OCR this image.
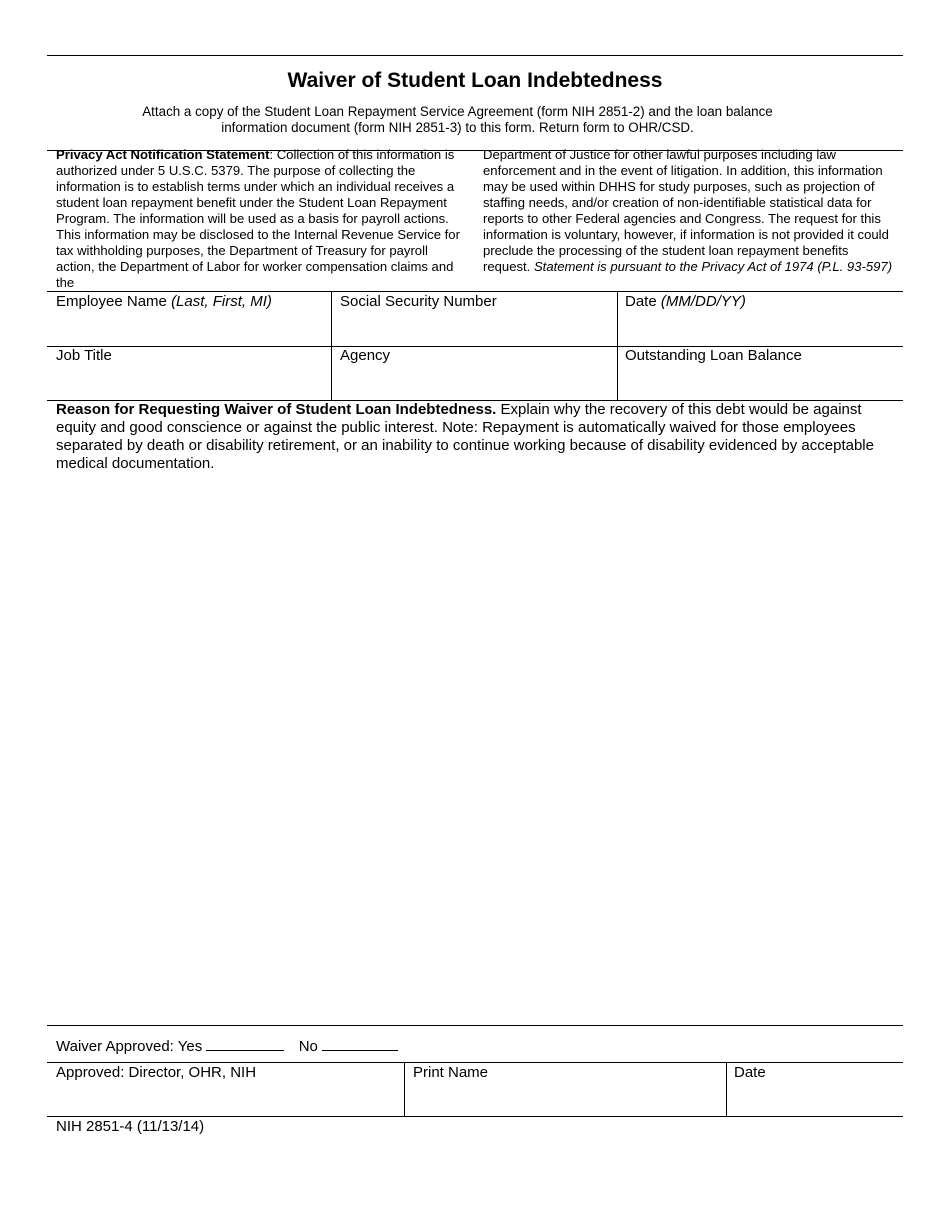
Waiver of Student Loan Indebtedness
Attach a copy of the Student Loan Repayment Service Agreement (form NIH 2851-2) and the loan balance
information document (form NIH 2851-3) to this form. Return form to OHR/CSD.
Privacy Act Notification Statement: Collection of this information is authorized under 5 U.S.C. 5379. The purpose of collecting the information is to establish terms under which an individual receives a student loan repayment benefit under the Student Loan Repayment Program. The information will be used as a basis for payroll actions. This information may be disclosed to the Internal Revenue Service for tax withholding purposes, the Department of Treasury for payroll action, the Department of Labor for worker compensation claims and the
Department of Justice for other lawful purposes including law enforcement and in the event of litigation. In addition, this information may be used within DHHS for study purposes, such as projection of staffing needs, and/or creation of non-identifiable statistical data for reports to other Federal agencies and Congress. The request for this information is voluntary, however, if information is not provided it could preclude the processing of the student loan repayment benefits request. Statement is pursuant to the Privacy Act of 1974 (P.L. 93-597)
Employee Name (Last, First, MI)	Social Security Number	Date (MM/DD/YY)
Job Title	Agency	Outstanding Loan Balance
Reason for Requesting Waiver of Student Loan Indebtedness. Explain why the recovery of this debt would be against equity and good conscience or against the public interest. Note: Repayment is automatically waived for those employees separated by death or disability retirement, or an inability to continue working because of disability evidenced by acceptable medical documentation.
Waiver Approved: Yes	No
Approved: Director, OHR, NIH	Print Name	Date
NIH 2851-4 (11/13/14)
